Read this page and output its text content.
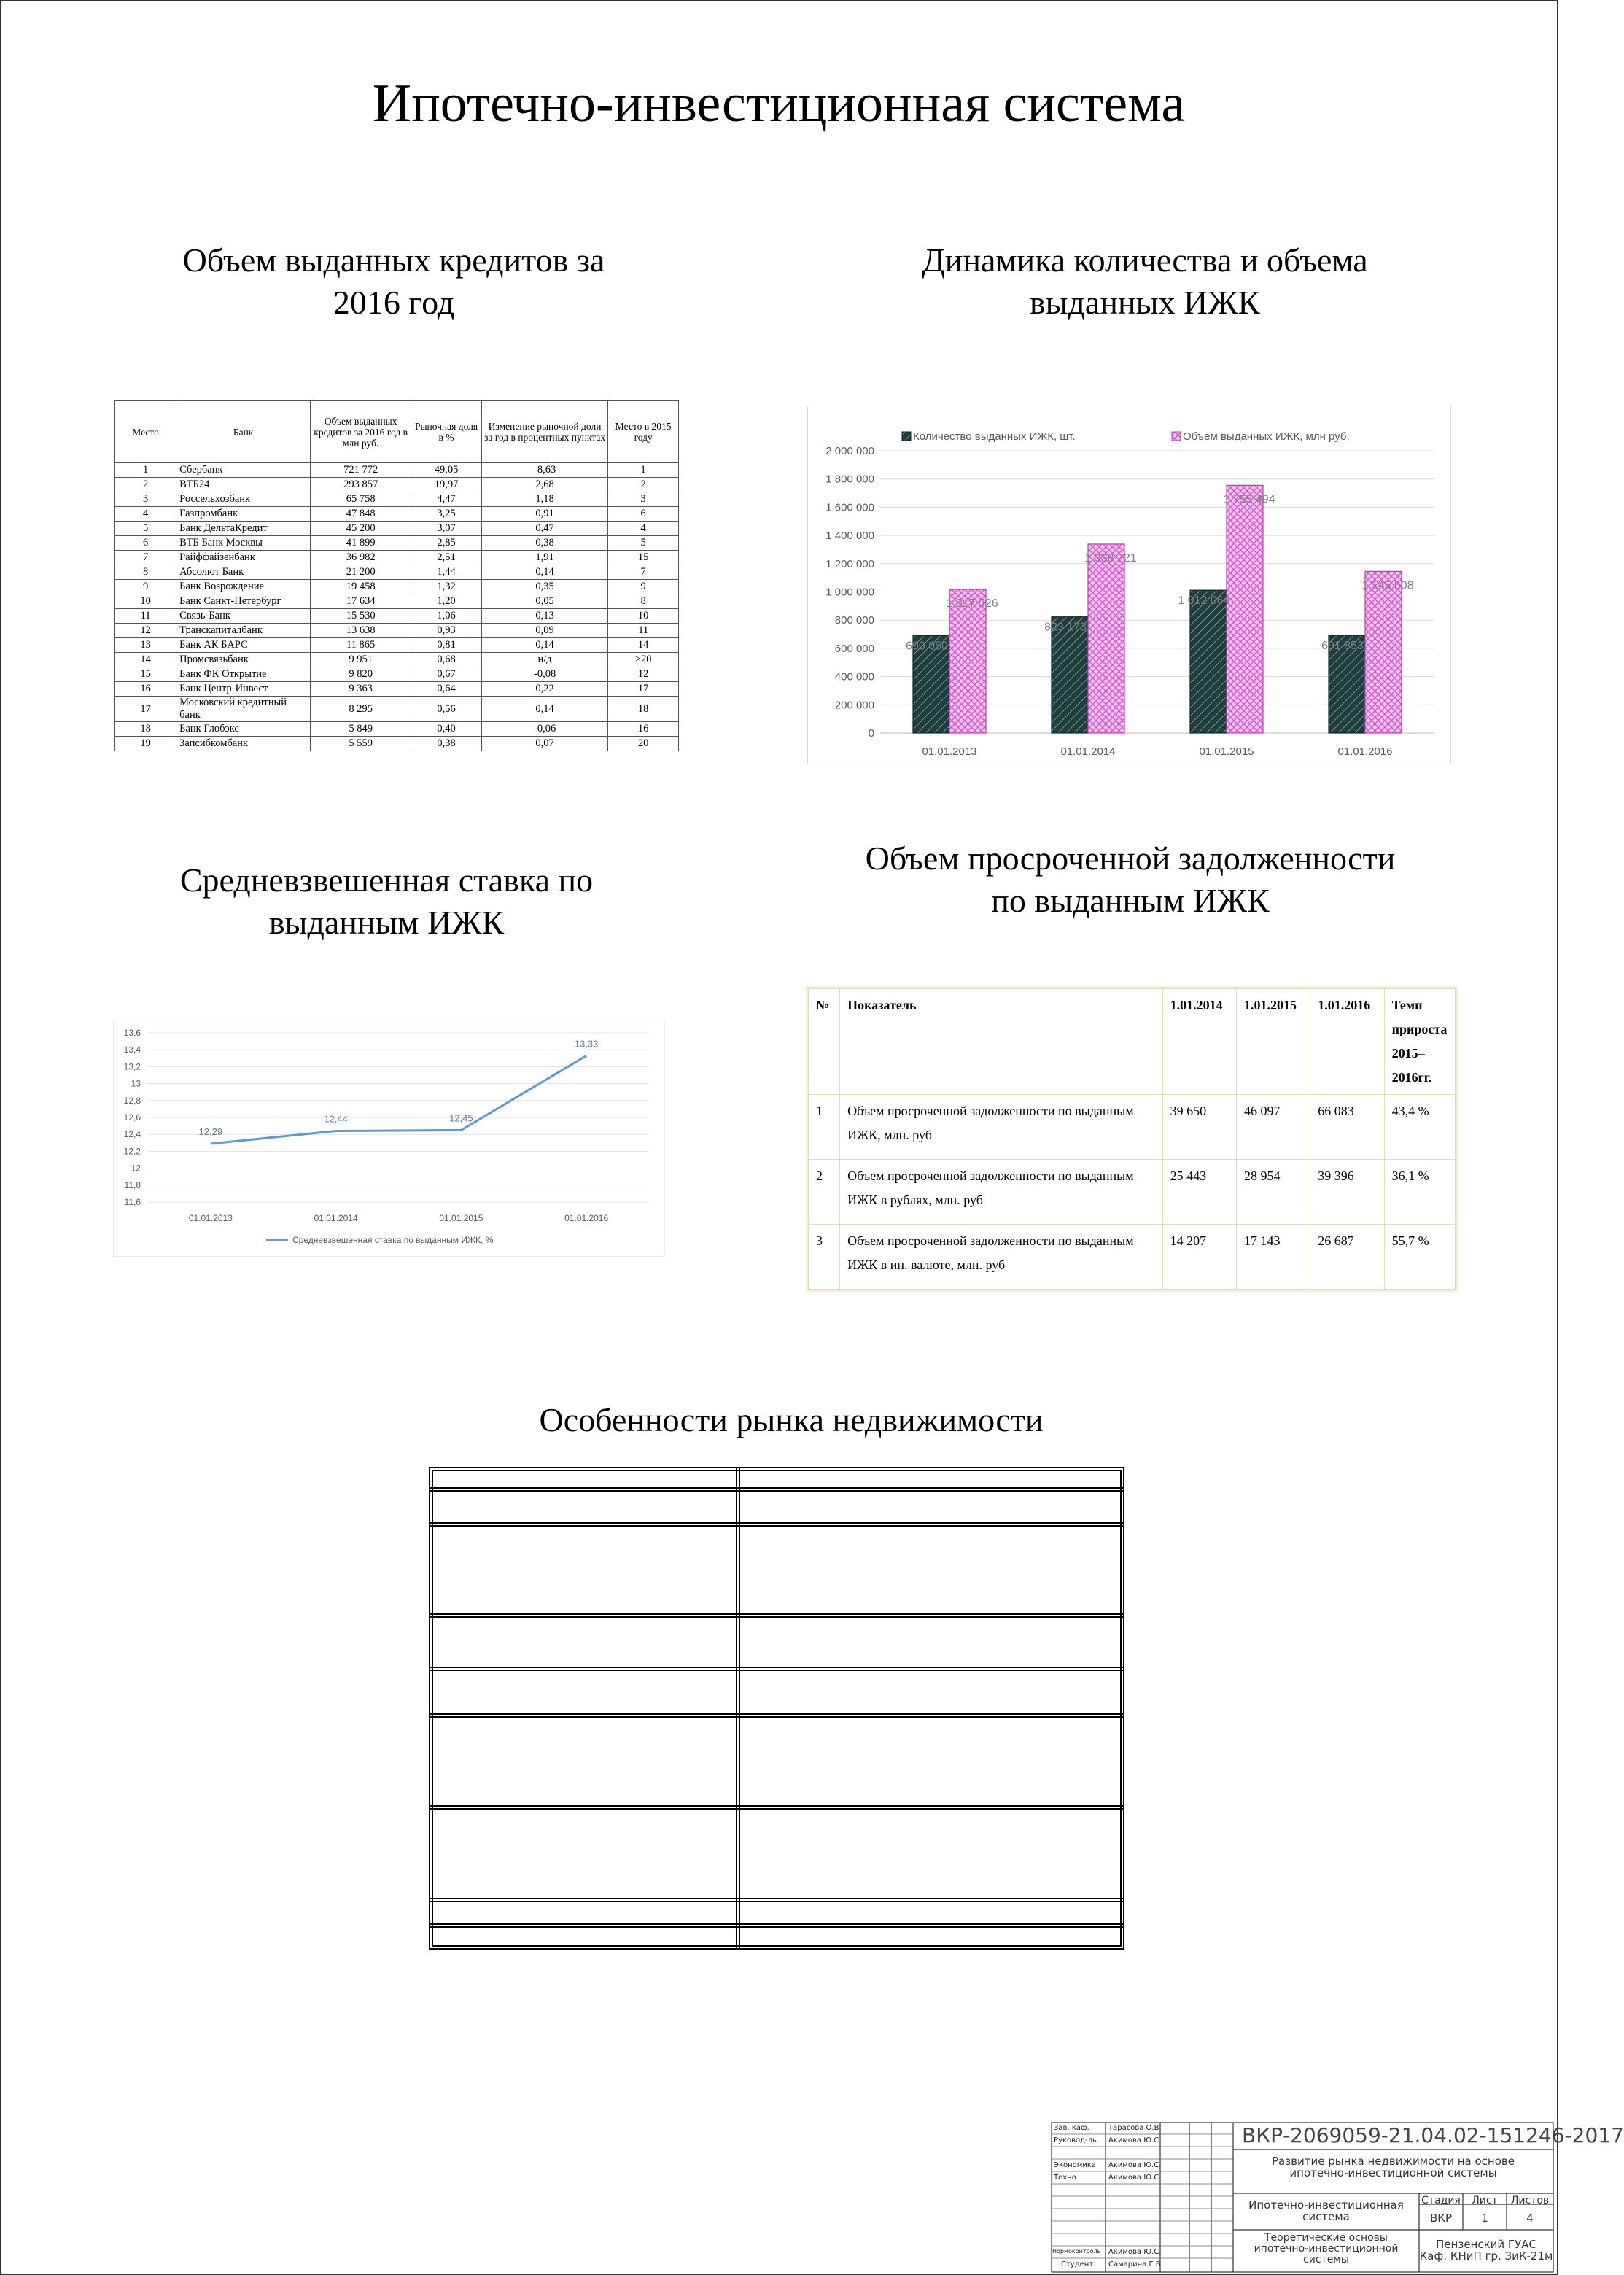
Ипотечно-инвестиционная система
Объем выданных кредитов за
2016 год
Динамика количества и объема
выданных ИЖК
Средневзвешенная ставка по
выданным ИЖК
Объем просроченной задолженности
по выданным ИЖК
Особенности рынка недвижимости
Место	Банк	Объем выданных кредитов за 2016 год в млн руб.	Рыночная доля в %	Изменение рыночной доли за год в процентных пунктах	Место в 2015 году
1	Сбербанк	721 772	49,05	-8,63	1
2	ВТБ24	293 857	19,97	2,68	2
3	Россельхозбанк	65 758	4,47	1,18	3
4	Газпромбанк	47 848	3,25	0,91	6
5	Банк ДельтаКредит	45 200	3,07	0,47	4
6	ВТБ Банк Москвы	41 899	2,85	0,38	5
7	Райффайзенбанк	36 982	2,51	1,91	15
8	Абсолют Банк	21 200	1,44	0,14	7
9	Банк Возрождение	19 458	1,32	0,35	9
10	Банк Санкт-Петербург	17 634	1,20	0,05	8
11	Связь-Банк	15 530	1,06	0,13	10
12	Транскапиталбанк	13 638	0,93	0,09	11
13	Банк АК БАРС	11 865	0,81	0,14	14
14	Промсвязьбанк	9 951	0,68	н/д	>20
15	Банк ФК Открытие	9 820	0,67	-0,08	12
16	Банк Центр-Инвест	9 363	0,64	0,22	17
17	Московский кредитный банк	8 295	0,56	0,14	18
18	Банк Глобэкс	5 849	0,40	-0,06	16
19	Запсибкомбанк	5 559	0,38	0,07	20
0
200 000
400 000
600 000
800 000
1 000 000
1 200 000
1 400 000
1 600 000
1 800 000
2 000 000
690 050
1 017 526
823 173
1 338 721
1 012 064
1 755 494
691 853
1 145 508
01.01.2013	01.01.2014	01.01.2015	01.01.2016
Количество выданных ИЖК, шт.	Объем выданных ИЖК, млн руб.
11,6
11,8
12
12,2
12,4
12,6
12,8
13
13,2
13,4
13,6
12,29
12,44	12,45
13,33
01.01.2013	01.01.2014	01.01.2015	01.01.2016
Средневзвешенная ставка по выданным ИЖК, %
№	Показатель	1.01.2014	1.01.2015	1.01.2016	Темп прироста 2015–2016гг.
1	Объем просроченной задолженности по выданным ИЖК, млн. руб	39 650	46 097	66 083	43,4 %
2	Объем просроченной задолженности по выданным ИЖК в рублях, млн. руб	25 443	28 954	39 396	36,1 %
3	Объем просроченной задолженности по выданным ИЖК в ин. валюте, млн. руб	14 207	17 143	26 687	55,7 %
Зав. каф.	Тарасова О.В.
Руковод-ль Акимова Ю.С.
Экономика Акимова Ю.С.
Техно	Акимова Ю.С.
Нормоконтроль Акимова Ю.С.
Студент Самарина Г.В.
ВКР-2069059-21.04.02-151246-2017
Развитие рынка недвижимости на основе
ипотечно-инвестиционной системы
Ипотечно-инвестиционная
система
Теоретические основы
ипотечно-инвестиционной
системы
Стадия	Лист	Листов
ВКР	1	4
Пензенский ГУАС
Каф. КНиП гр. ЗиК-21м
